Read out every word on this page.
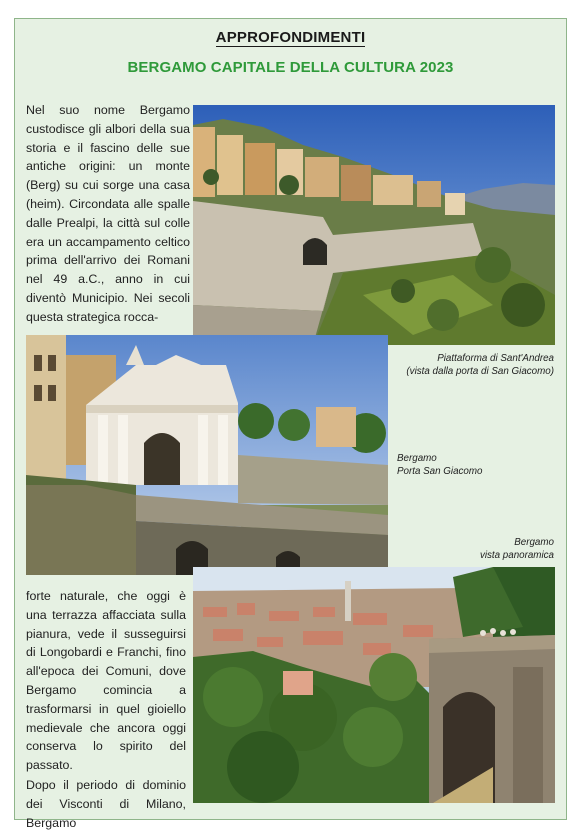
APPROFONDIMENTI
BERGAMO CAPITALE DELLA CULTURA 2023

Nel suo nome Bergamo custodisce gli albori della sua storia e il fascino delle sue antiche origini: un monte (Berg) su cui sorge una casa (heim). Circondata alle spalle dalle Prealpi, la città sul colle era un accampamento celtico prima dell'arrivo dei Romani nel 49 a.C., anno in cui diventò Municipio. Nei secoli questa strategica rocca-

Piattaforma di Sant'Andrea
(vista dalla porta di San Giacomo)
Bergamo
Porta San Giacomo
Bergamo
vista panoramica

forte naturale, che oggi è una terrazza affacciata sulla pianura, vede il susseguirsi di Longobardi e Franchi, fino all'epoca dei Comuni, dove Bergamo comincia a trasformarsi in quel gioiello medievale che ancora oggi conserva lo spirito del passato.

Dopo il periodo di dominio dei Visconti di Milano, Bergamo
